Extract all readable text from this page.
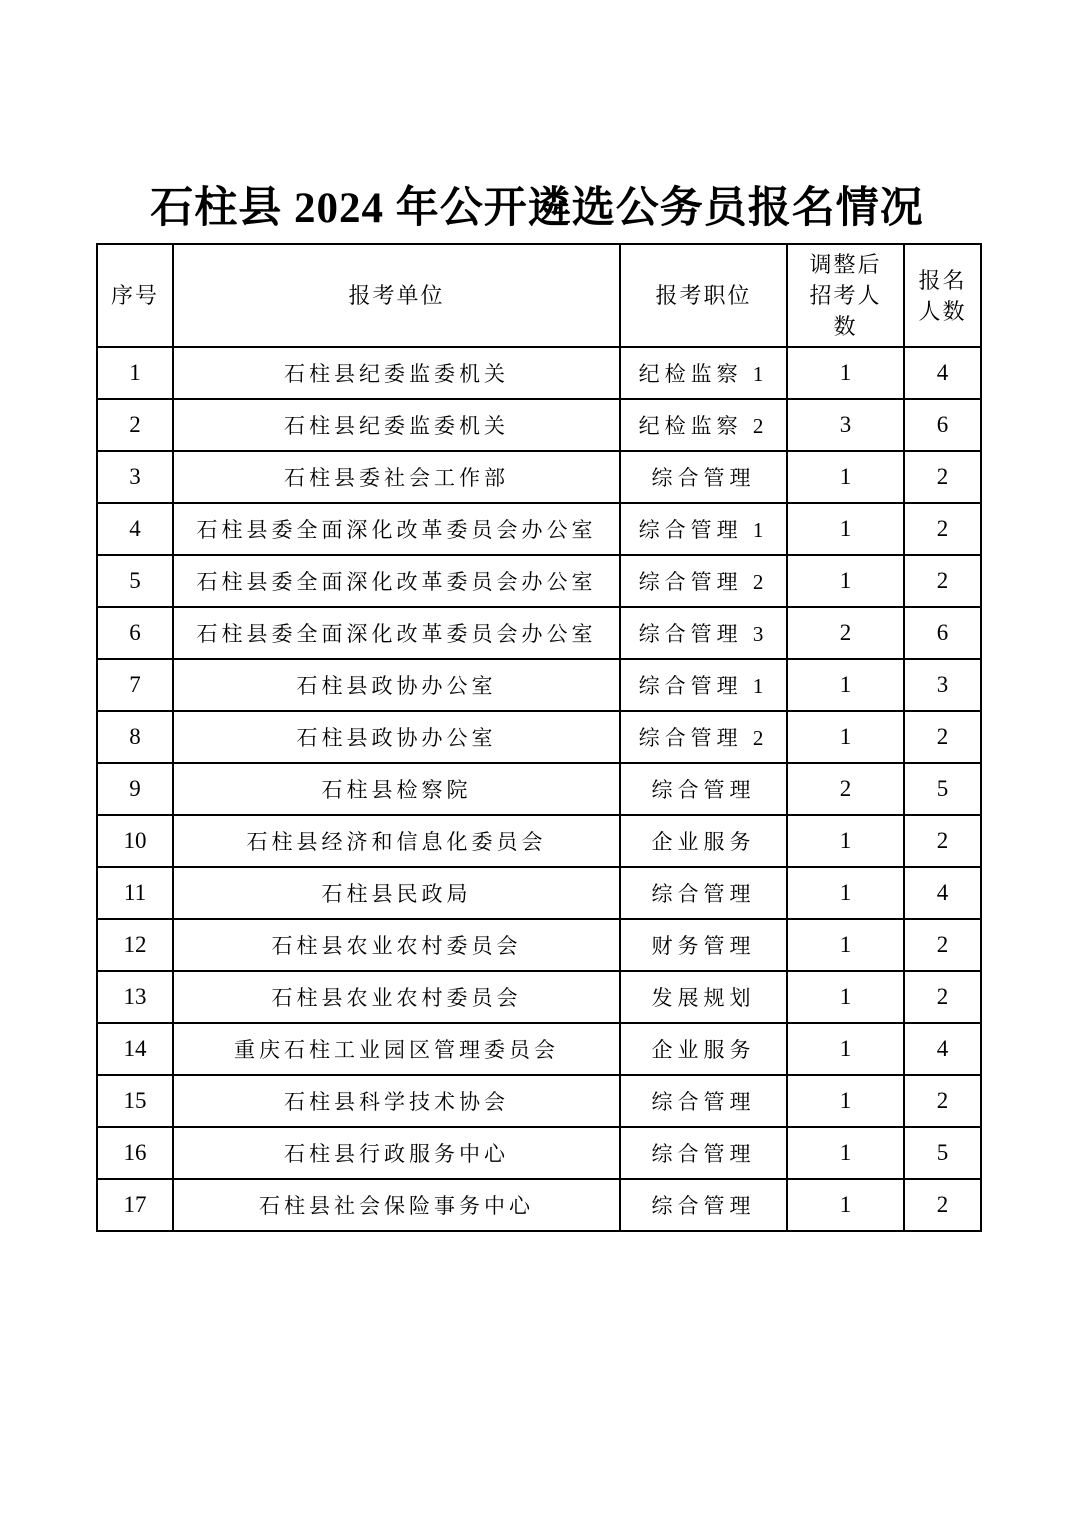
石柱县 2024 年公开遴选公务员报名情况
序号	报考单位	报考职位	调整后招考人数	报名人数
1	石柱县纪委监委机关	纪检监察 1	1	4
2	石柱县纪委监委机关	纪检监察 2	3	6
3	石柱县委社会工作部	综合管理	1	2
4	石柱县委全面深化改革委员会办公室	综合管理 1	1	2
5	石柱县委全面深化改革委员会办公室	综合管理 2	1	2
6	石柱县委全面深化改革委员会办公室	综合管理 3	2	6
7	石柱县政协办公室	综合管理 1	1	3
8	石柱县政协办公室	综合管理 2	1	2
9	石柱县检察院	综合管理	2	5
10	石柱县经济和信息化委员会	企业服务	1	2
11	石柱县民政局	综合管理	1	4
12	石柱县农业农村委员会	财务管理	1	2
13	石柱县农业农村委员会	发展规划	1	2
14	重庆石柱工业园区管理委员会	企业服务	1	4
15	石柱县科学技术协会	综合管理	1	2
16	石柱县行政服务中心	综合管理	1	5
17	石柱县社会保险事务中心	综合管理	1	2
